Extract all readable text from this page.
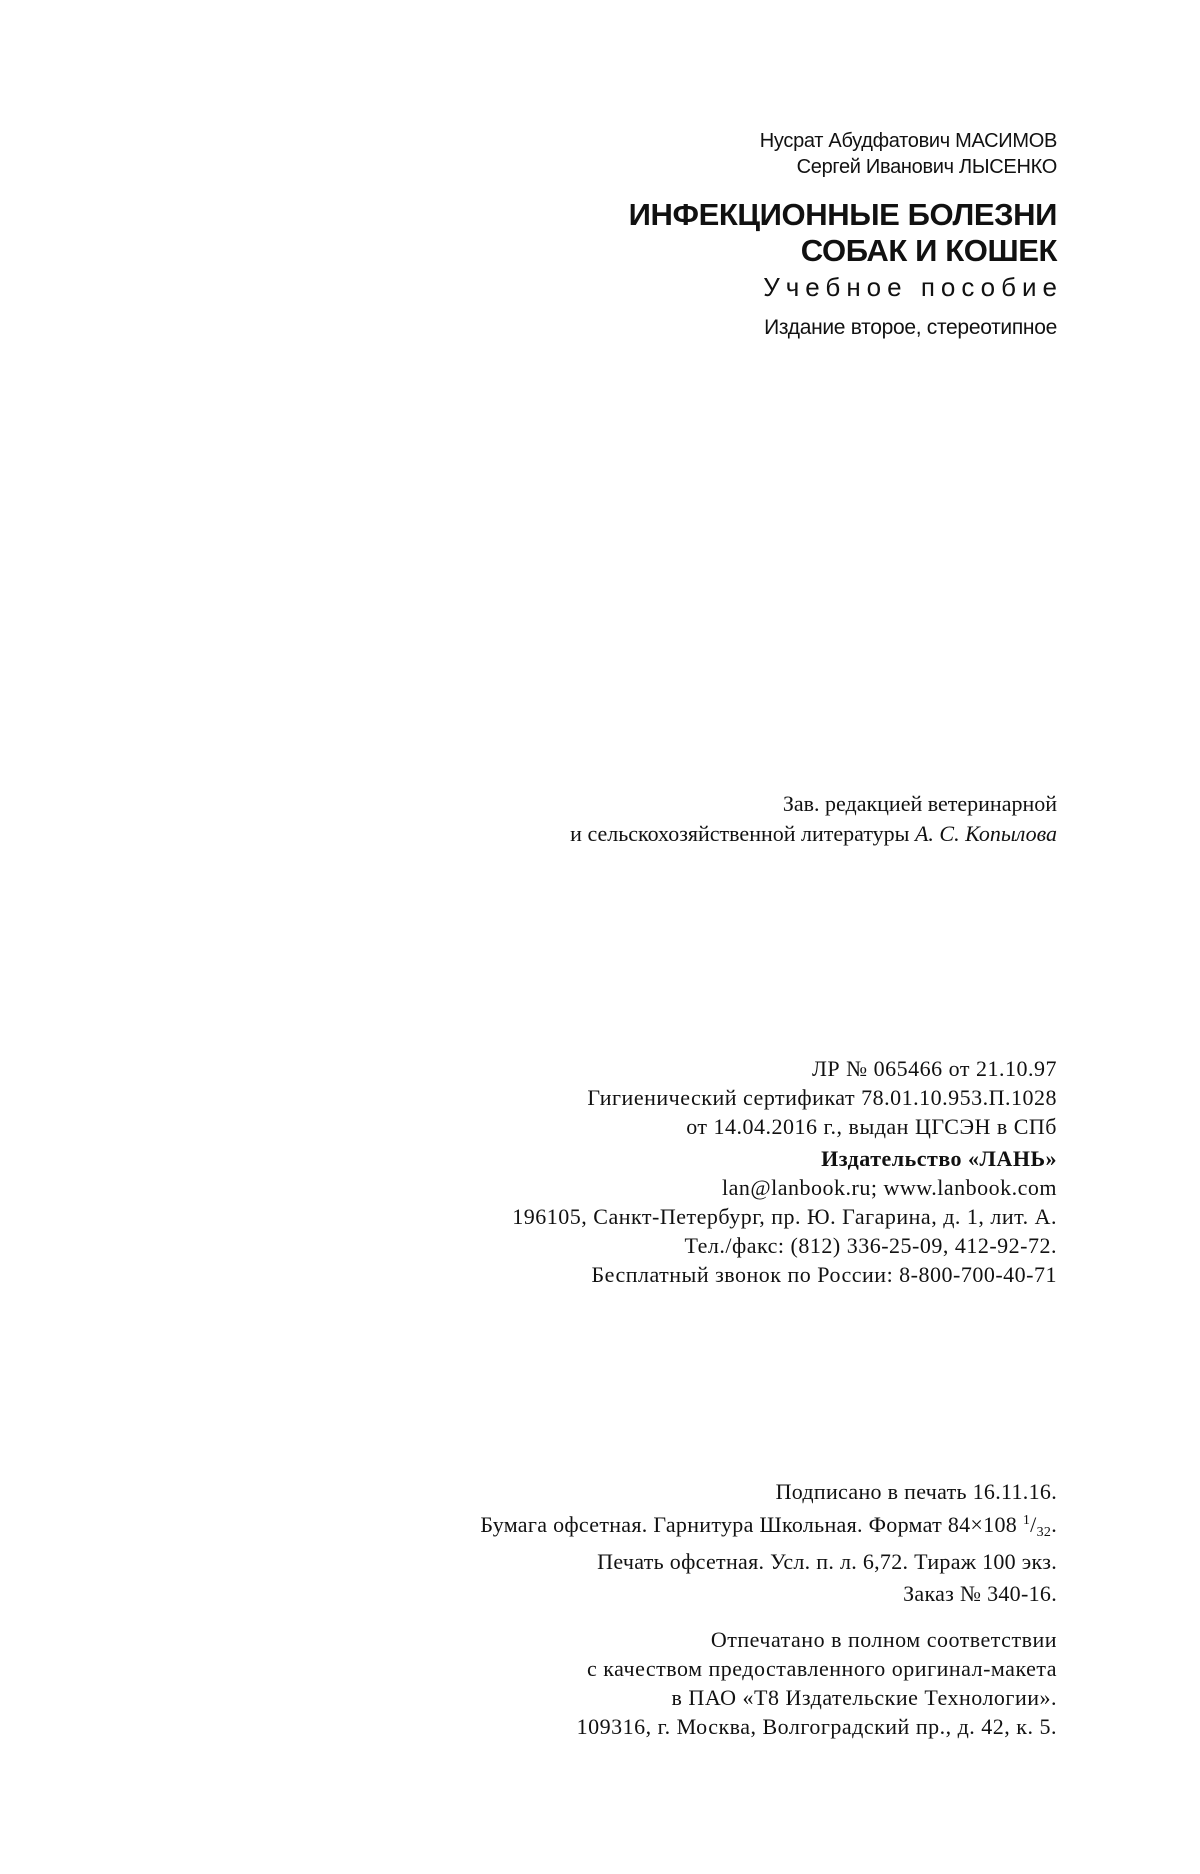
Нусрат Абудфатович МАСИМОВ
Сергей Иванович ЛЫСЕНКО
ИНФЕКЦИОННЫЕ БОЛЕЗНИ
СОБАК И КОШЕК
Учебное пособие
Издание второе, стереотипное
Зав. редакцией ветеринарной
и сельскохозяйственной литературы А. С. Копылова
ЛР № 065466 от 21.10.97
Гигиенический сертификат 78.01.10.953.П.1028
от 14.04.2016 г., выдан ЦГСЭН в СПб
Издательство «ЛАНЬ»
lan@lanbook.ru; www.lanbook.com
196105, Санкт-Петербург, пр. Ю. Гагарина, д. 1, лит. А.
Тел./факс: (812) 336-25-09, 412-92-72.
Бесплатный звонок по России: 8-800-700-40-71
Подписано в печать 16.11.16.
Бумага офсетная. Гарнитура Школьная. Формат 84×108 $^1$/32.
Печать офсетная. Усл. п. л. 6,72. Тираж 100 экз.
Заказ № 340-16.
Отпечатано в полном соответствии
с качеством предоставленного оригинал-макета
в ПАО «Т8 Издательские Технологии».
109316, г. Москва, Волгоградский пр., д. 42, к. 5.
